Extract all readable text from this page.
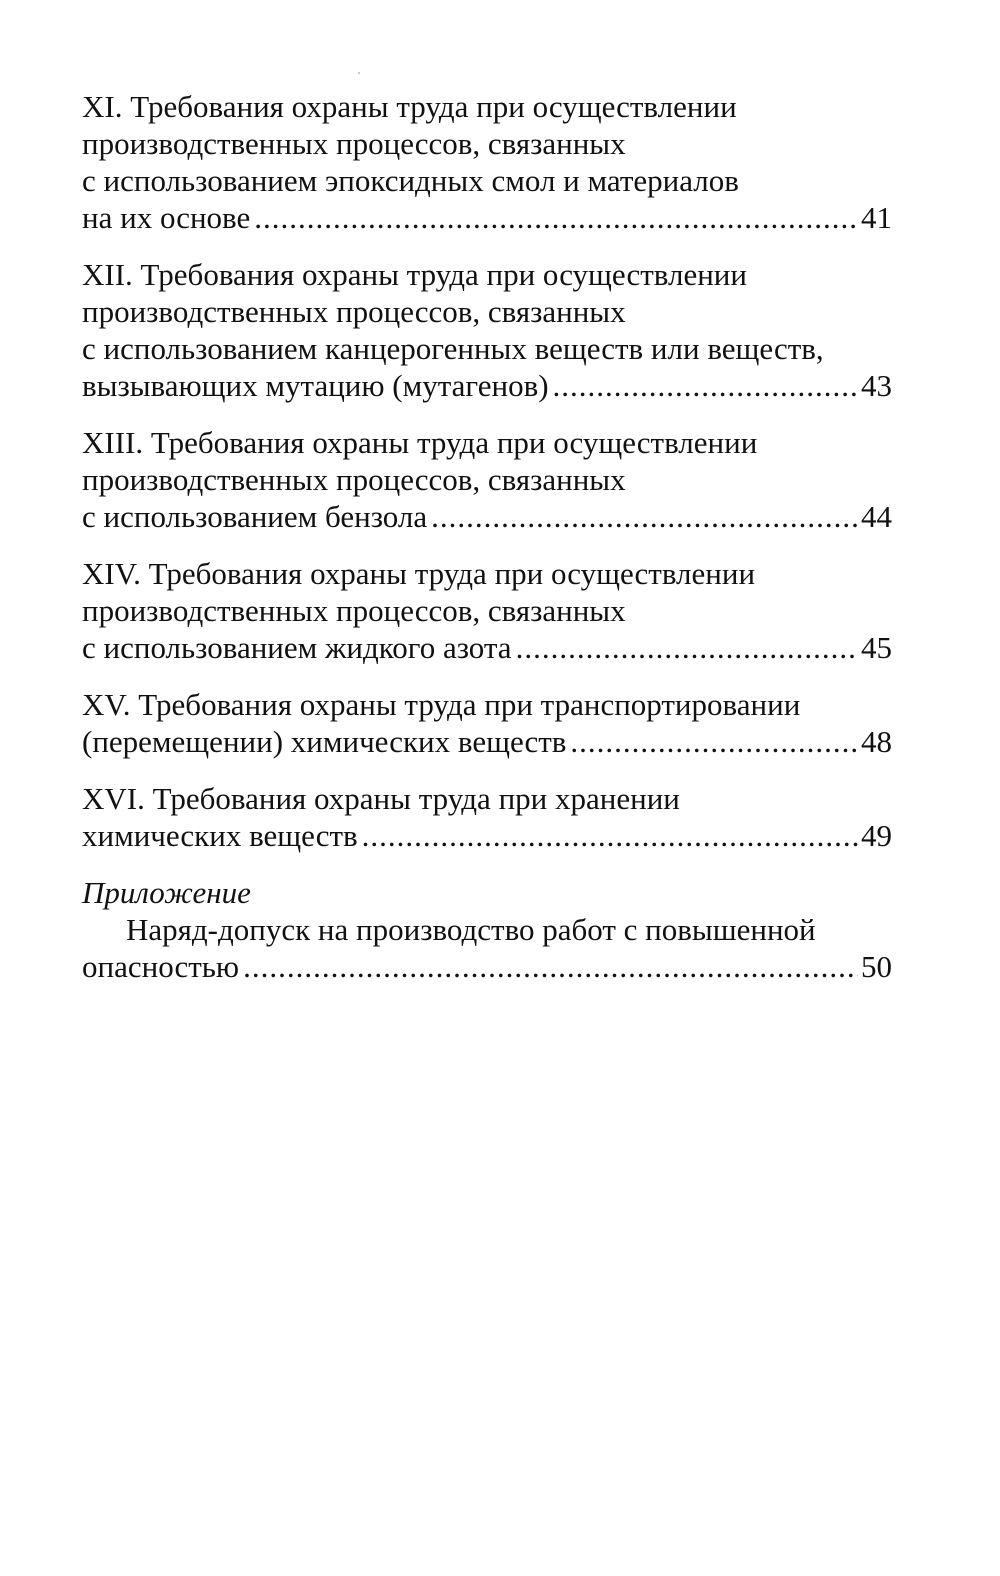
XI. Требования охраны труда при осуществлении
производственных процессов, связанных
с использованием эпоксидных смол и материалов
на их основе .....	41
XII. Требования охраны труда при осуществлении
производственных процессов, связанных
с использованием канцерогенных веществ или веществ,
вызывающих мутацию (мутагенов) .....	43
XIII. Требования охраны труда при осуществлении
производственных процессов, связанных
с использованием бензола .....	44
XIV. Требования охраны труда при осуществлении
производственных процессов, связанных
с использованием жидкого азота .....	45
XV. Требования охраны труда при транспортировании
(перемещении) химических веществ .....	48
XVI. Требования охраны труда при хранении
химических веществ .....	49
Приложение
Наряд-допуск на производство работ с повышенной
опасностью .....	50
